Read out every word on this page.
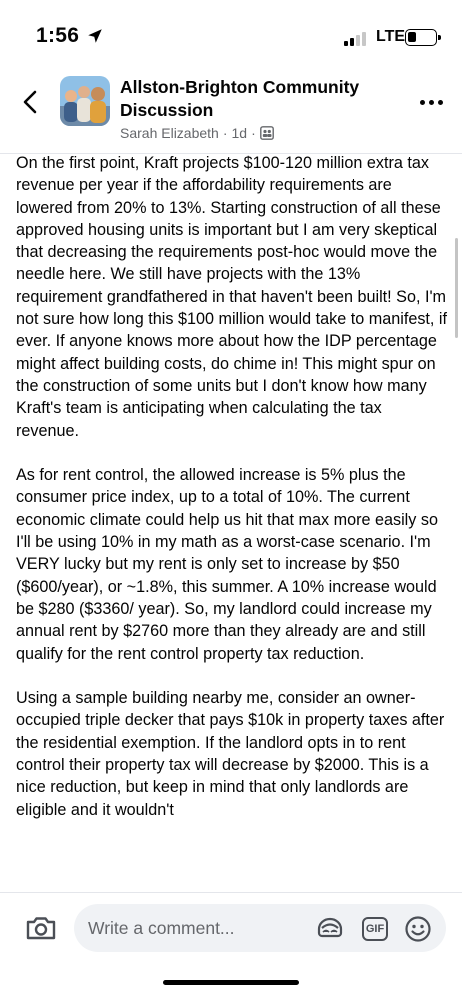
1:56	LTE
Allston-Brighton Community Discussion
Sarah Elizabeth · 1d ·

On the first point, Kraft projects $100-120 million extra tax revenue per year if the affordability requirements are lowered from 20% to 13%. Starting construction of all these approved housing units is important but I am very skeptical that decreasing the requirements post-hoc would move the needle here. We still have projects with the 13% requirement grandfathered in that haven't been built! So, I'm not sure how long this $100 million would take to manifest, if ever. If anyone knows more about how the IDP percentage might affect building costs, do chime in! This might spur on the construction of some units but I don't know how many Kraft's team is anticipating when calculating the tax revenue.

As for rent control, the allowed increase is 5% plus the consumer price index, up to a total of 10%. The current economic climate could help us hit that max more easily so I'll be using 10% in my math as a worst-case scenario. I'm VERY lucky but my rent is only set to increase by $50 ($600/year), or ~1.8%, this summer. A 10% increase would be $280 ($3360/ year). So, my landlord could increase my annual rent by $2760 more than they already are and still qualify for the rent control property tax reduction.

Using a sample building nearby me, consider an owner-occupied triple decker that pays $10k in property taxes after the residential exemption. If the landlord opts in to rent control their property tax will decrease by $2000. This is a nice reduction, but keep in mind that only landlords are eligible and it wouldn't

Write a comment...
GIF
